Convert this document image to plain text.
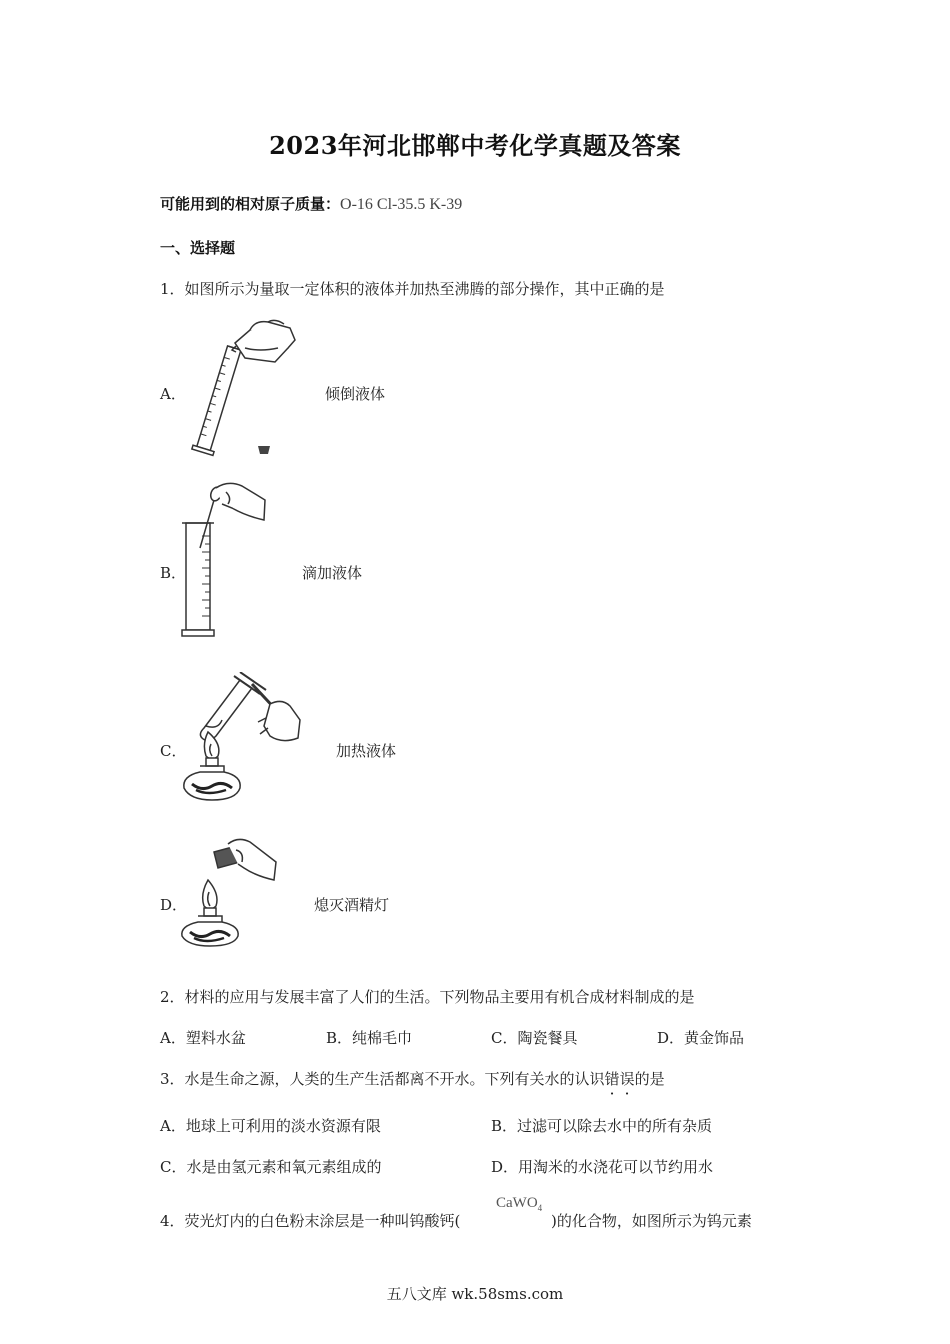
2023年河北邯郸中考化学真题及答案
可能用到的相对原子质量：O-16 Cl-35.5 K-39
一、选择题
1．如图所示为量取一定体积的液体并加热至沸腾的部分操作，其中正确的是
A．	倾倒液体
B．	滴加液体
C．	加热液体
D．	熄灭酒精灯
2．材料的应用与发展丰富了人们的生活。下列物品主要用有机合成材料制成的是
A．塑料水盆	B．纯棉毛巾	C．陶瓷餐具	D．黄金饰品
3．水是生命之源，人类的生产生活都离不开水。下列有关水的认识错误的是
A．地球上可利用的淡水资源有限	B．过滤可以除去水中的所有杂质
C．水是由氢元素和氧元素组成的	D．用淘米的水浇花可以节约用水
4．荧光灯内的白色粉末涂层是一种叫钨酸钙(
CaWO$_4$
)的化合物，如图所示为钨元素
五八文库 wk.58sms.com
